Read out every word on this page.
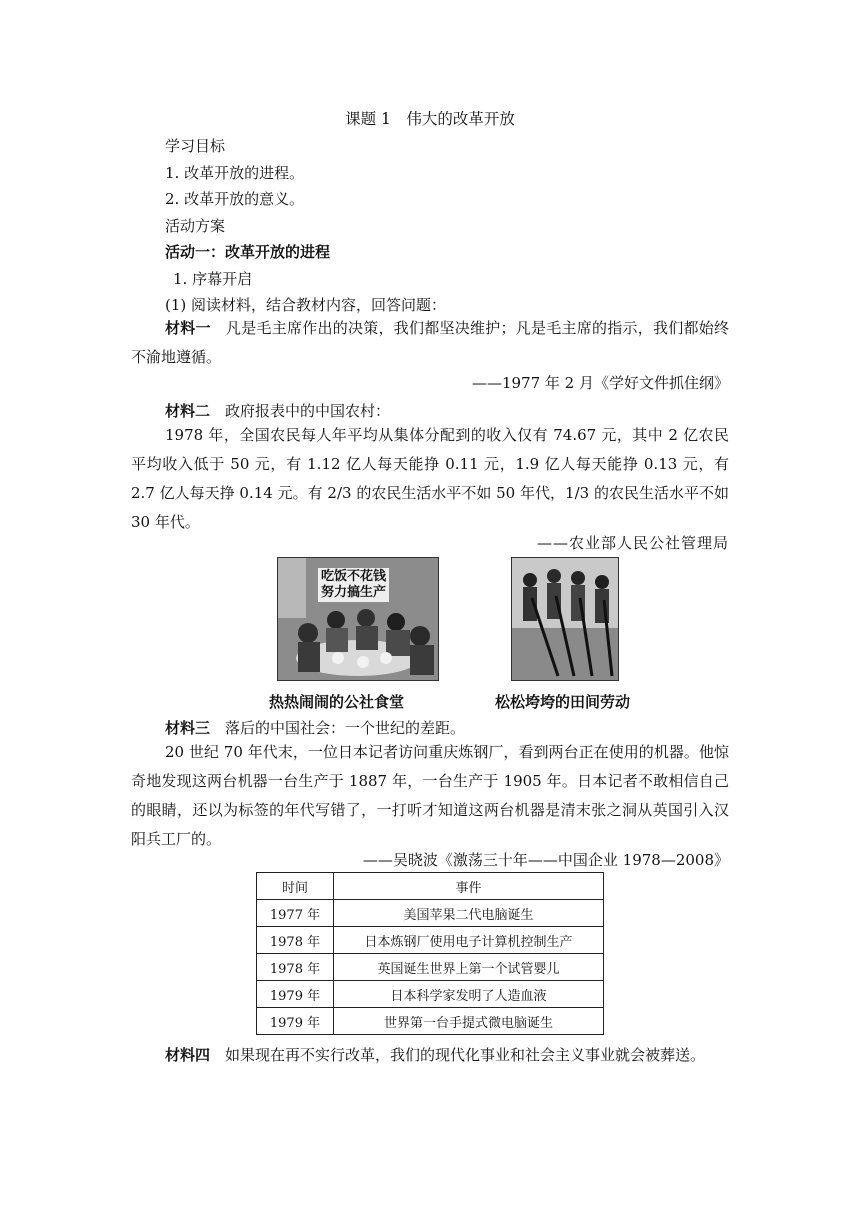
课题 1　伟大的改革开放
学习目标
1. 改革开放的进程。
2. 改革开放的意义。
活动方案
活动一：改革开放的进程
1. 序幕开启
(1) 阅读材料，结合教材内容，回答问题：
材料一　 凡是毛主席作出的决策，我们都坚决维护；凡是毛主席的指示，我们都始终不渝地遵循。
——1977 年 2 月《学好文件抓住纲》
材料二　 政府报表中的中国农村：
1978 年，全国农民每人年平均从集体分配到的收入仅有 74.67 元，其中 2 亿农民平均收入低于 50 元，有 1.12 亿人每天能挣 0.11 元，1.9 亿人每天能挣 0.13 元，有 2.7 亿人每天挣 0.14 元。有 2/3 的农民生活水平不如 50 年代，1/3 的农民生活水平不如 30 年代。
——农业部人民公社管理局
吃饭不花钱
努力搞生产
热热闹闹的公社食堂	松松垮垮的田间劳动
材料三　 落后的中国社会：一个世纪的差距。
20 世纪 70 年代末，一位日本记者访问重庆炼钢厂，看到两台正在使用的机器。他惊奇地发现这两台机器一台生产于 1887 年，一台生产于 1905 年。日本记者不敢相信自己的眼睛，还以为标签的年代写错了，一打听才知道这两台机器是清末张之洞从英国引入汉阳兵工厂的。
——吴晓波《激荡三十年——中国企业 1978—2008》
时间	事件
1977 年	美国苹果二代电脑诞生
1978 年	日本炼钢厂使用电子计算机控制生产
1978 年	英国诞生世界上第一个试管婴儿
1979 年	日本科学家发明了人造血液
1979 年	世界第一台手提式微电脑诞生
材料四　 如果现在再不实行改革，我们的现代化事业和社会主义事业就会被葬送。
